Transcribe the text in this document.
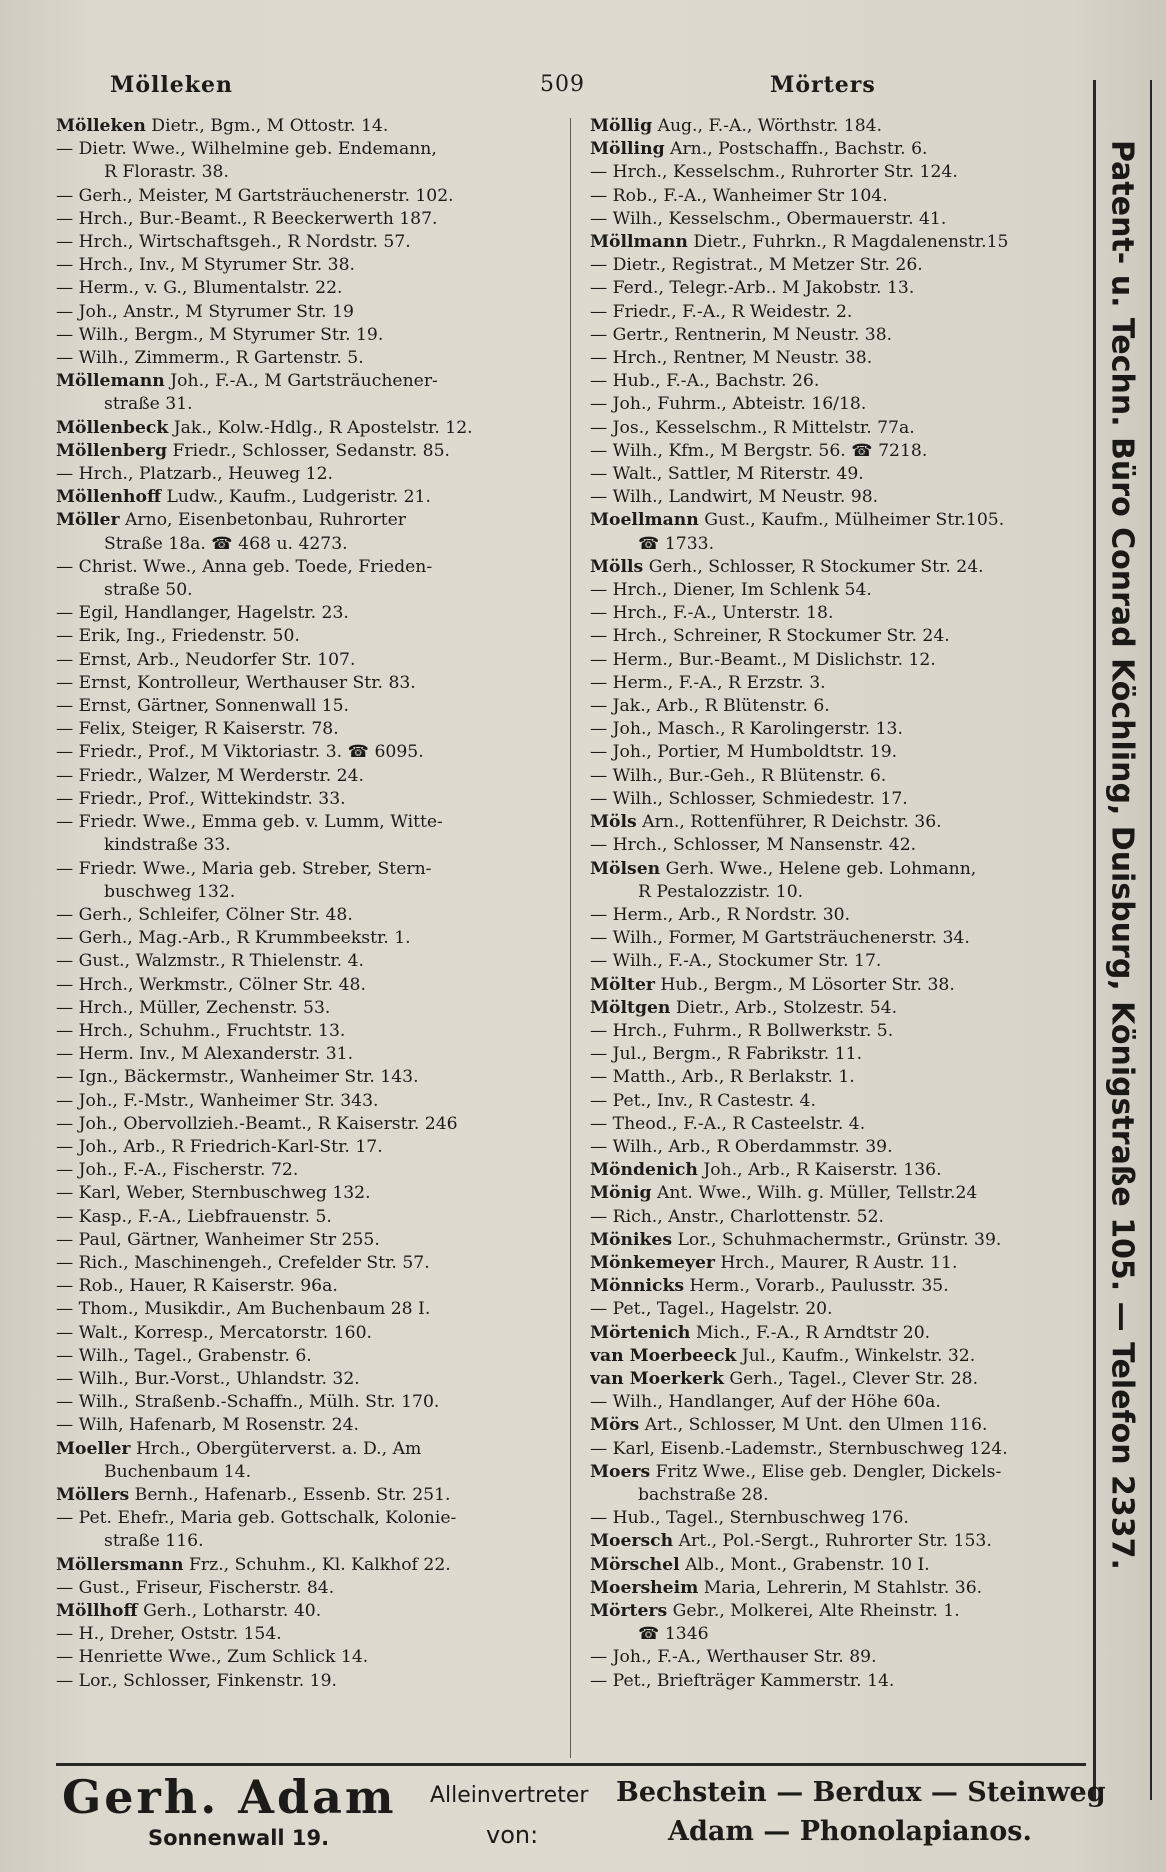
Mölleken	509	Mörters
Mölleken Dietr., Bgm., M Ottostr. 14.
— Dietr. Wwe., Wilhelmine geb. Endemann,
R Florastr. 38.
— Gerh., Meister, M Gartsträuchenerstr. 102.
— Hrch., Bur.-Beamt., R Beeckerwerth 187.
— Hrch., Wirtschaftsgeh., R Nordstr. 57.
— Hrch., Inv., M Styrumer Str. 38.
— Herm., v. G., Blumentalstr. 22.
— Joh., Anstr., M Styrumer Str. 19
— Wilh., Bergm., M Styrumer Str. 19.
— Wilh., Zimmerm., R Gartenstr. 5.
Möllemann Joh., F.-A., M Gartsträuchener-
straße 31.
Möllenbeck Jak., Kolw.-Hdlg., R Apostelstr. 12.
Möllenberg Friedr., Schlosser, Sedanstr. 85.
— Hrch., Platzarb., Heuweg 12.
Möllenhoff Ludw., Kaufm., Ludgeristr. 21.
Möller Arno, Eisenbetonbau, Ruhrorter
Straße 18a. ☎ 468 u. 4273.
— Christ. Wwe., Anna geb. Toede, Frieden-
straße 50.
— Egil, Handlanger, Hagelstr. 23.
— Erik, Ing., Friedenstr. 50.
— Ernst, Arb., Neudorfer Str. 107.
— Ernst, Kontrolleur, Werthauser Str. 83.
— Ernst, Gärtner, Sonnenwall 15.
— Felix, Steiger, R Kaiserstr. 78.
— Friedr., Prof., M Viktoriastr. 3. ☎ 6095.
— Friedr., Walzer, M Werderstr. 24.
— Friedr., Prof., Wittekindstr. 33.
— Friedr. Wwe., Emma geb. v. Lumm, Witte-
kindstraße 33.
— Friedr. Wwe., Maria geb. Streber, Stern-
buschweg 132.
— Gerh., Schleifer, Cölner Str. 48.
— Gerh., Mag.-Arb., R Krummbeekstr. 1.
— Gust., Walzmstr., R Thielenstr. 4.
— Hrch., Werkmstr., Cölner Str. 48.
— Hrch., Müller, Zechenstr. 53.
— Hrch., Schuhm., Fruchtstr. 13.
— Herm. Inv., M Alexanderstr. 31.
— Ign., Bäckermstr., Wanheimer Str. 143.
— Joh., F.-Mstr., Wanheimer Str. 343.
— Joh., Obervollzieh.-Beamt., R Kaiserstr. 246
— Joh., Arb., R Friedrich-Karl-Str. 17.
— Joh., F.-A., Fischerstr. 72.
— Karl, Weber, Sternbuschweg 132.
— Kasp., F.-A., Liebfrauenstr. 5.
— Paul, Gärtner, Wanheimer Str 255.
— Rich., Maschinengeh., Crefelder Str. 57.
— Rob., Hauer, R Kaiserstr. 96a.
— Thom., Musikdir., Am Buchenbaum 28 I.
— Walt., Korresp., Mercatorstr. 160.
— Wilh., Tagel., Grabenstr. 6.
— Wilh., Bur.-Vorst., Uhlandstr. 32.
— Wilh., Straßenb.-Schaffn., Mülh. Str. 170.
— Wilh, Hafenarb, M Rosenstr. 24.
Moeller Hrch., Obergüterverst. a. D., Am
Buchenbaum 14.
Möllers Bernh., Hafenarb., Essenb. Str. 251.
— Pet. Ehefr., Maria geb. Gottschalk, Kolonie-
straße 116.
Möllersmann Frz., Schuhm., Kl. Kalkhof 22.
— Gust., Friseur, Fischerstr. 84.
Möllhoff Gerh., Lotharstr. 40.
— H., Dreher, Oststr. 154.
— Henriette Wwe., Zum Schlick 14.
— Lor., Schlosser, Finkenstr. 19.
Möllig Aug., F.-A., Wörthstr. 184.
Mölling Arn., Postschaffn., Bachstr. 6.
— Hrch., Kesselschm., Ruhrorter Str. 124.
— Rob., F.-A., Wanheimer Str 104.
— Wilh., Kesselschm., Obermauerstr. 41.
Möllmann Dietr., Fuhrkn., R Magdalenenstr.15
— Dietr., Registrat., M Metzer Str. 26.
— Ferd., Telegr.-Arb.. M Jakobstr. 13.
— Friedr., F.-A., R Weidestr. 2.
— Gertr., Rentnerin, M Neustr. 38.
— Hrch., Rentner, M Neustr. 38.
— Hub., F.-A., Bachstr. 26.
— Joh., Fuhrm., Abteistr. 16/18.
— Jos., Kesselschm., R Mittelstr. 77a.
— Wilh., Kfm., M Bergstr. 56. ☎ 7218.
— Walt., Sattler, M Riterstr. 49.
— Wilh., Landwirt, M Neustr. 98.
Moellmann Gust., Kaufm., Mülheimer Str.105.
☎ 1733.
Mölls Gerh., Schlosser, R Stockumer Str. 24.
— Hrch., Diener, Im Schlenk 54.
— Hrch., F.-A., Unterstr. 18.
— Hrch., Schreiner, R Stockumer Str. 24.
— Herm., Bur.-Beamt., M Dislichstr. 12.
— Herm., F.-A., R Erzstr. 3.
— Jak., Arb., R Blütenstr. 6.
— Joh., Masch., R Karolingerstr. 13.
— Joh., Portier, M Humboldtstr. 19.
— Wilh., Bur.-Geh., R Blütenstr. 6.
— Wilh., Schlosser, Schmiedestr. 17.
Möls Arn., Rottenführer, R Deichstr. 36.
— Hrch., Schlosser, M Nansenstr. 42.
Mölsen Gerh. Wwe., Helene geb. Lohmann,
R Pestalozzistr. 10.
— Herm., Arb., R Nordstr. 30.
— Wilh., Former, M Gartsträuchenerstr. 34.
— Wilh., F.-A., Stockumer Str. 17.
Mölter Hub., Bergm., M Lösorter Str. 38.
Möltgen Dietr., Arb., Stolzestr. 54.
— Hrch., Fuhrm., R Bollwerkstr. 5.
— Jul., Bergm., R Fabrikstr. 11.
— Matth., Arb., R Berlakstr. 1.
— Pet., Inv., R Castestr. 4.
— Theod., F.-A., R Casteelstr. 4.
— Wilh., Arb., R Oberdammstr. 39.
Möndenich Joh., Arb., R Kaiserstr. 136.
Mönig Ant. Wwe., Wilh. g. Müller, Tellstr.24
— Rich., Anstr., Charlottenstr. 52.
Mönikes Lor., Schuhmachermstr., Grünstr. 39.
Mönkemeyer Hrch., Maurer, R Austr. 11.
Mönnicks Herm., Vorarb., Paulusstr. 35.
— Pet., Tagel., Hagelstr. 20.
Mörtenich Mich., F.-A., R Arndtstr 20.
van Moerbeeck Jul., Kaufm., Winkelstr. 32.
van Moerkerk Gerh., Tagel., Clever Str. 28.
— Wilh., Handlanger, Auf der Höhe 60a.
Mörs Art., Schlosser, M Unt. den Ulmen 116.
— Karl, Eisenb.-Lademstr., Sternbuschweg 124.
Moers Fritz Wwe., Elise geb. Dengler, Dickels-
bachstraße 28.
— Hub., Tagel., Sternbuschweg 176.
Moersch Art., Pol.-Sergt., Ruhrorter Str. 153.
Mörschel Alb., Mont., Grabenstr. 10 I.
Moersheim Maria, Lehrerin, M Stahlstr. 36.
Mörters Gebr., Molkerei, Alte Rheinstr. 1.
☎ 1346
— Joh., F.-A., Werthauser Str. 89.
— Pet., Briefträger Kammerstr. 14.
Patent- u. Techn. Büro Conrad Köchling, Duisburg, Königstraße 105. — Telefon 2337.
Gerh. Adam
Sonnenwall 19.
Alleinvertreter
von:
Bechstein — Berdux — Steinweg
Adam — Phonolapianos.
